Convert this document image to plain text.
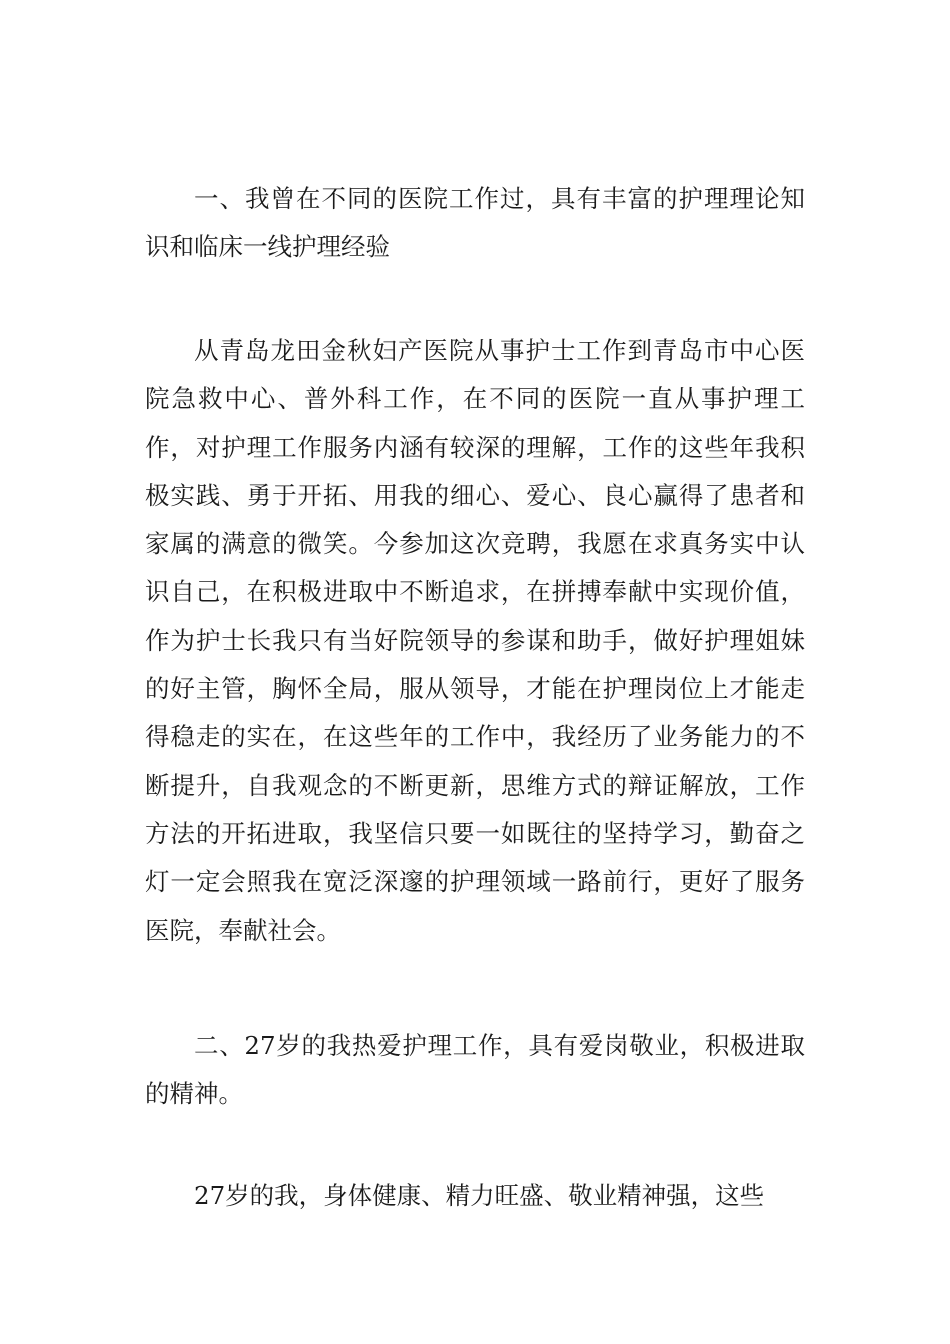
一、我曾在不同的医院工作过，具有丰富的护理理论知识和临床一线护理经验

从青岛龙田金秋妇产医院从事护士工作到青岛市中心医院急救中心、普外科工作，在不同的医院一直从事护理工作，对护理工作服务内涵有较深的理解，工作的这些年我积极实践、勇于开拓、用我的细心、爱心、良心赢得了患者和家属的满意的微笑。今参加这次竞聘，我愿在求真务实中认识自己，在积极进取中不断追求，在拼搏奉献中实现价值，作为护士长我只有当好院领导的参谋和助手，做好护理姐妹的好主管，胸怀全局，服从领导，才能在护理岗位上才能走得稳走的实在，在这些年的工作中，我经历了业务能力的不断提升，自我观念的不断更新，思维方式的辩证解放，工作方法的开拓进取，我坚信只要一如既往的坚持学习，勤奋之灯一定会照我在宽泛深邃的护理领域一路前行，更好了服务医院，奉献社会。

二、27岁的我热爱护理工作，具有爱岗敬业，积极进取的精神。

27岁的我，身体健康、精力旺盛、敬业精神强，这些
